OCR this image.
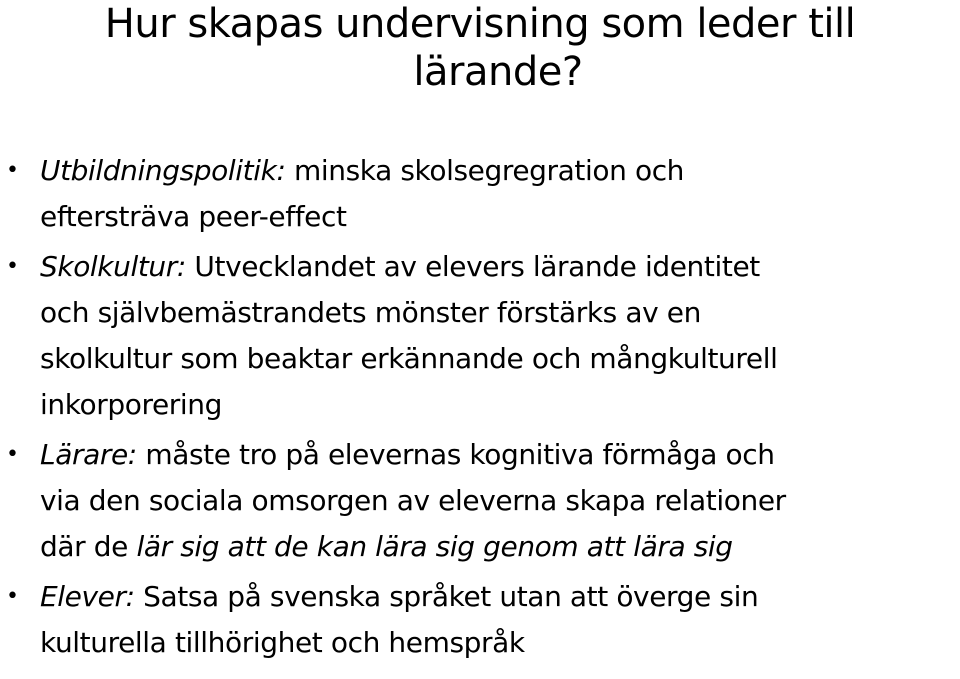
Hur skapas undervisning som leder till
lärande?
• Utbildningspolitik: minska skolsegregration och
eftersträva peer-effect
• Skolkultur: Utvecklandet av elevers lärande identitet
och självbemästrandets mönster förstärks av en
skolkultur som beaktar erkännande och mångkulturell
inkorporering
• Lärare: måste tro på elevernas kognitiva förmåga och
via den sociala omsorgen av eleverna skapa relationer
där de lär sig att de kan lära sig genom att lära sig
• Elever: Satsa på svenska språket utan att överge sin
kulturella tillhörighet och hemspråk
